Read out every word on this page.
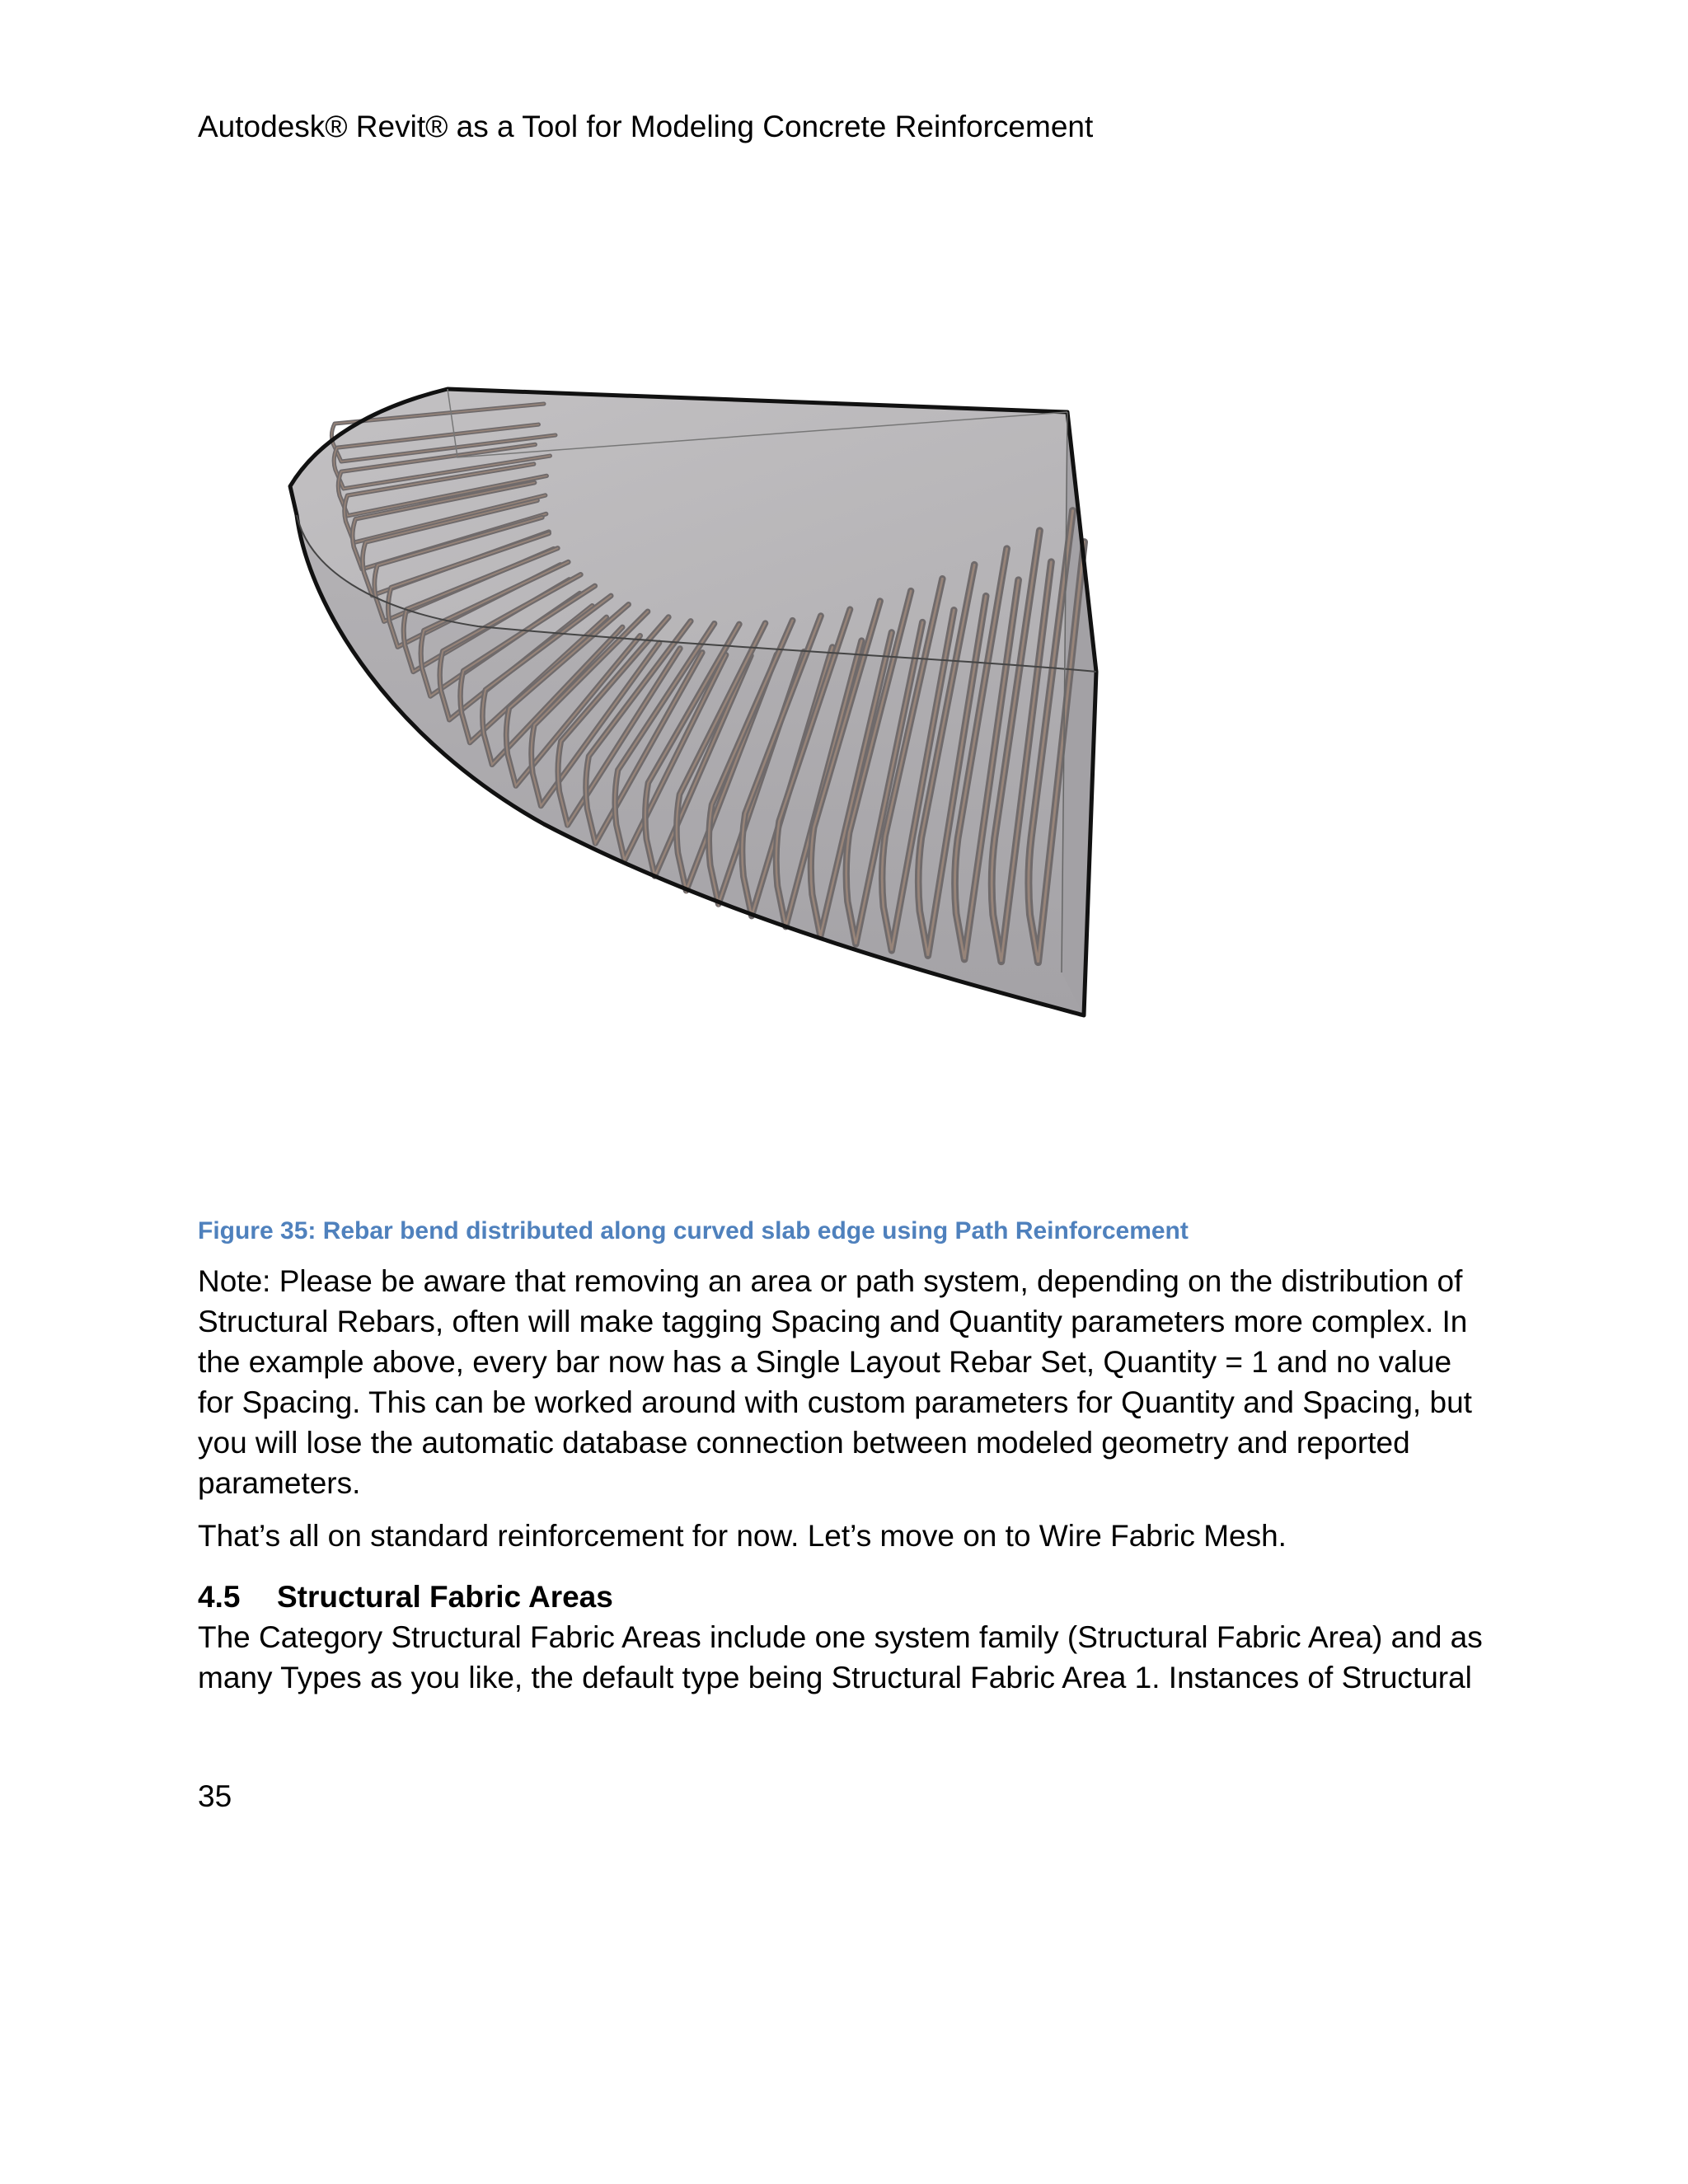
Autodesk® Revit® as a Tool for Modeling Concrete Reinforcement
Figure 35: Rebar bend distributed along curved slab edge using Path Reinforcement

Note: Please be aware that removing an area or path system, depending on the distribution of
Structural Rebars, often will make tagging Spacing and Quantity parameters more complex. In
the example above, every bar now has a Single Layout Rebar Set, Quantity = 1 and no value
for Spacing. This can be worked around with custom parameters for Quantity and Spacing, but
you will lose the automatic database connection between modeled geometry and reported
parameters.

That’s all on standard reinforcement for now. Let’s move on to Wire Fabric Mesh.
4.5 Structural Fabric Areas
The Category Structural Fabric Areas include one system family (Structural Fabric Area) and as
many Types as you like, the default type being Structural Fabric Area 1. Instances of Structural
35
